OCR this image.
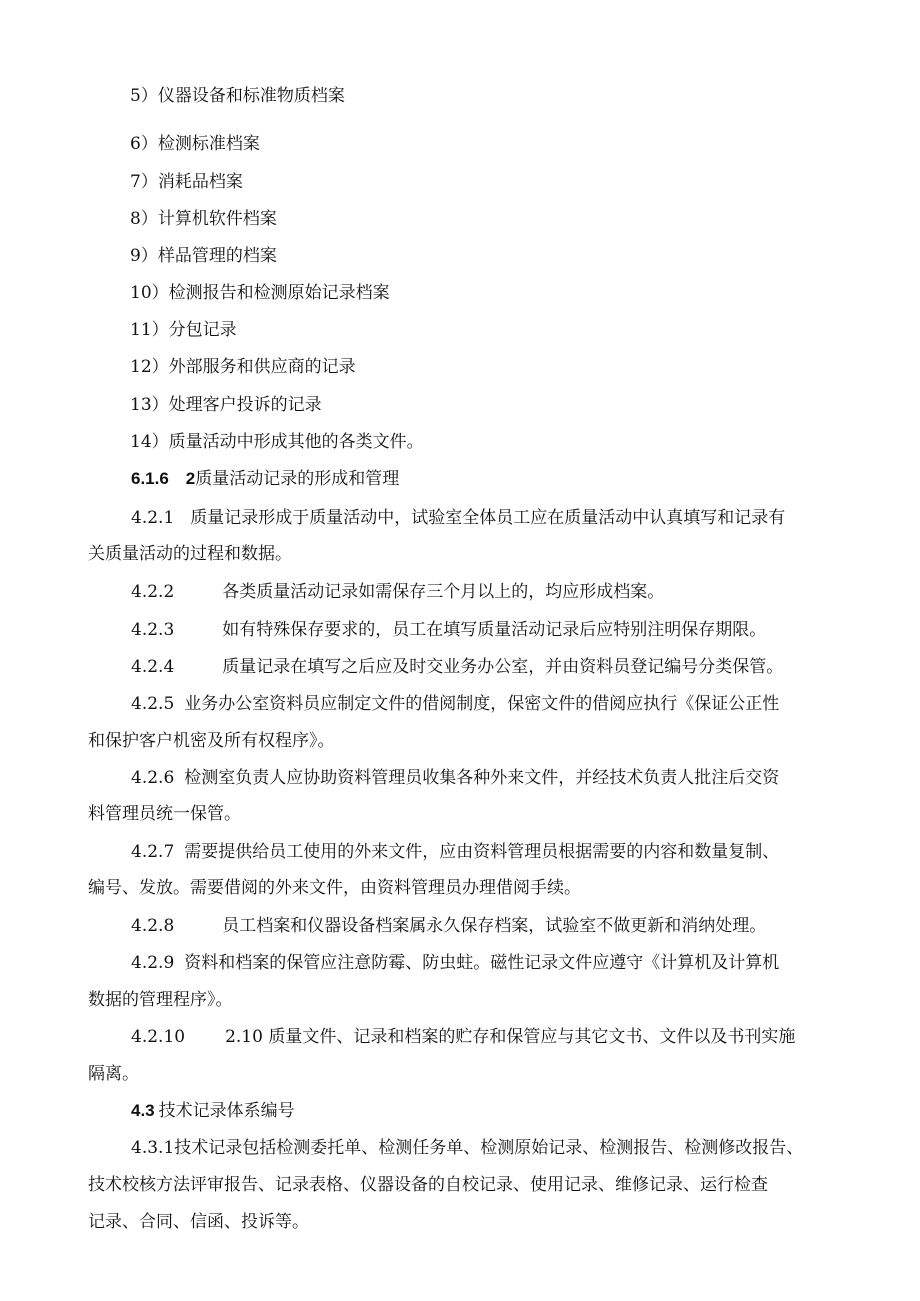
5）仪器设备和标准物质档案
6）检测标准档案
7）消耗品档案
8）计算机软件档案
9）样品管理的档案
10）检测报告和检测原始记录档案
11）分包记录
12）外部服务和供应商的记录
13）处理客户投诉的记录
14）质量活动中形成其他的各类文件。
6.1.6　2质量活动记录的形成和管理
4.2.1 质量记录形成于质量活动中，试验室全体员工应在质量活动中认真填写和记录有
关质量活动的过程和数据。
4.2.2	各类质量活动记录如需保存三个月以上的，均应形成档案。
4.2.3	如有特殊保存要求的，员工在填写质量活动记录后应特别注明保存期限。
4.2.4	质量记录在填写之后应及时交业务办公室，并由资料员登记编号分类保管。
4.2.5 业务办公室资料员应制定文件的借阅制度，保密文件的借阅应执行《保证公正性
和保护客户机密及所有权程序》。
4.2.6 检测室负责人应协助资料管理员收集各种外来文件，并经技术负责人批注后交资
料管理员统一保管。
4.2.7 需要提供给员工使用的外来文件，应由资料管理员根据需要的内容和数量复制、
编号、发放。需要借阅的外来文件，由资料管理员办理借阅手续。
4.2.8	员工档案和仪器设备档案属永久保存档案，试验室不做更新和消纳处理。
4.2.9 资料和档案的保管应注意防霉、防虫蛀。磁性记录文件应遵守《计算机及计算机
数据的管理程序》。
4.2.10 2.10 质量文件、记录和档案的贮存和保管应与其它文书、文件以及书刊实施
隔离。
4.3 技术记录体系编号
4.3.1技术记录包括检测委托单、检测任务单、检测原始记录、检测报告、检测修改报告、
技术校核方法评审报告、记录表格、仪器设备的自校记录、使用记录、维修记录、运行检查
记录、合同、信函、投诉等。
